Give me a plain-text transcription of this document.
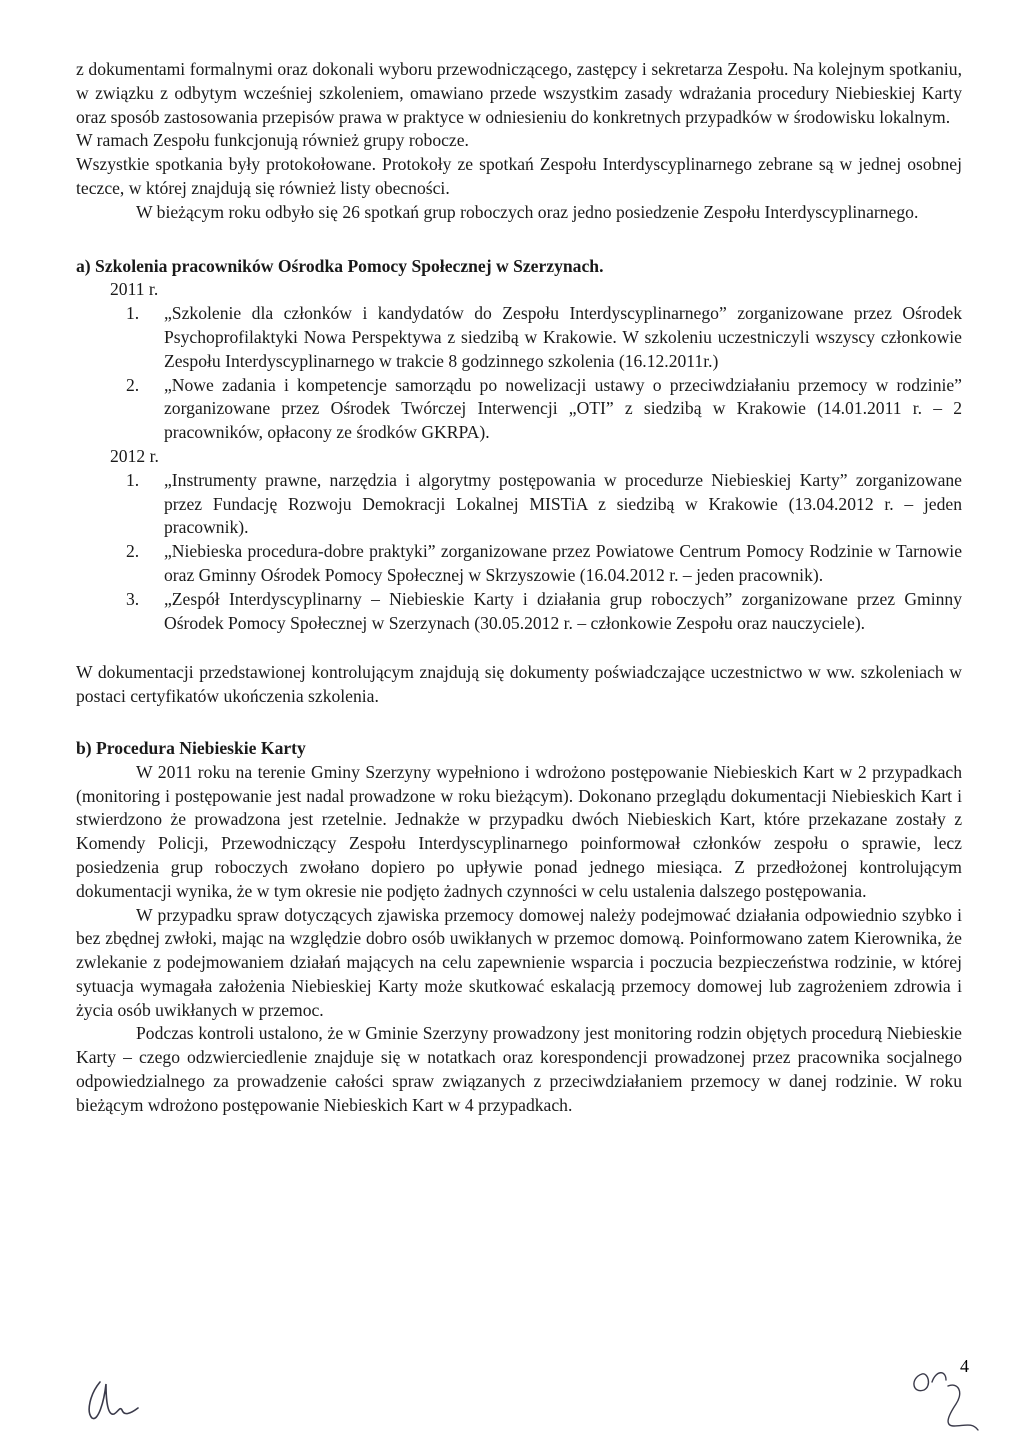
z dokumentami formalnymi oraz dokonali wyboru przewodniczącego, zastępcy i sekretarza Zespołu. Na kolejnym spotkaniu, w związku z odbytym wcześniej szkoleniem, omawiano przede wszystkim zasady wdrażania procedury Niebieskiej Karty oraz sposób zastosowania przepisów prawa w praktyce w odniesieniu do konkretnych przypadków w środowisku lokalnym.

W ramach Zespołu funkcjonują również grupy robocze.

Wszystkie spotkania były protokołowane. Protokoły ze spotkań Zespołu Interdyscyplinarnego zebrane są w jednej osobnej teczce, w której znajdują się również listy obecności.

W bieżącym roku odbyło się 26 spotkań grup roboczych oraz jedno posiedzenie Zespołu Interdyscyplinarnego.

a) Szkolenia pracowników Ośrodka Pomocy Społecznej w Szerzynach.

2011 r.
1.	„Szkolenie dla członków i kandydatów do Zespołu Interdyscyplinarnego” zorganizowane przez Ośrodek Psychoprofilaktyki Nowa Perspektywa z siedzibą w Krakowie. W szkoleniu uczestniczyli wszyscy członkowie Zespołu Interdyscyplinarnego w trakcie 8 godzinnego szkolenia (16.12.2011r.)
2.	„Nowe zadania i kompetencje samorządu po nowelizacji ustawy o przeciwdziałaniu przemocy w rodzinie” zorganizowane przez Ośrodek Twórczej Interwencji „OTI” z siedzibą w Krakowie (14.01.2011 r. – 2 pracowników, opłacony ze środków GKRPA).
2012 r.
1.	„Instrumenty prawne, narzędzia i algorytmy postępowania w procedurze Niebieskiej Karty” zorganizowane przez Fundację Rozwoju Demokracji Lokalnej MISTiA z siedzibą w Krakowie (13.04.2012 r. – jeden pracownik).
2.	„Niebieska procedura-dobre praktyki” zorganizowane przez Powiatowe Centrum Pomocy Rodzinie w Tarnowie oraz Gminny Ośrodek Pomocy Społecznej w Skrzyszowie (16.04.2012 r. – jeden pracownik).
3.	„Zespół Interdyscyplinarny – Niebieskie Karty i działania grup roboczych” zorganizowane przez Gminny Ośrodek Pomocy Społecznej w Szerzynach (30.05.2012 r. – członkowie Zespołu oraz nauczyciele).

W dokumentacji przedstawionej kontrolującym znajdują się dokumenty poświadczające uczestnictwo w ww. szkoleniach w postaci certyfikatów ukończenia szkolenia.

b) Procedura Niebieskie Karty

W 2011 roku na terenie Gminy Szerzyny wypełniono i wdrożono postępowanie Niebieskich Kart w 2 przypadkach (monitoring i postępowanie jest nadal prowadzone w roku bieżącym). Dokonano przeglądu dokumentacji Niebieskich Kart i stwierdzono że prowadzona jest rzetelnie. Jednakże w przypadku dwóch Niebieskich Kart, które przekazane zostały z Komendy Policji, Przewodniczący Zespołu Interdyscyplinarnego poinformował członków zespołu o sprawie, lecz posiedzenia grup roboczych zwołano dopiero po upływie ponad jednego miesiąca. Z przedłożonej kontrolującym dokumentacji wynika, że w tym okresie nie podjęto żadnych czynności w celu ustalenia dalszego postępowania.

W przypadku spraw dotyczących zjawiska przemocy domowej należy podejmować działania odpowiednio szybko i bez zbędnej zwłoki, mając na względzie dobro osób uwikłanych w przemoc domową. Poinformowano zatem Kierownika, że zwlekanie z podejmowaniem działań mających na celu zapewnienie wsparcia i poczucia bezpieczeństwa rodzinie, w której sytuacja wymagała założenia Niebieskiej Karty może skutkować eskalacją przemocy domowej lub zagrożeniem zdrowia i życia osób uwikłanych w przemoc.

Podczas kontroli ustalono, że w Gminie Szerzyny prowadzony jest monitoring rodzin objętych procedurą Niebieskie Karty – czego odzwierciedlenie znajduje się w notatkach oraz korespondencji prowadzonej przez pracownika socjalnego odpowiedzialnego za prowadzenie całości spraw związanych z przeciwdziałaniem przemocy w danej rodzinie. W roku bieżącym wdrożono postępowanie Niebieskich Kart w 4 przypadkach.

4
